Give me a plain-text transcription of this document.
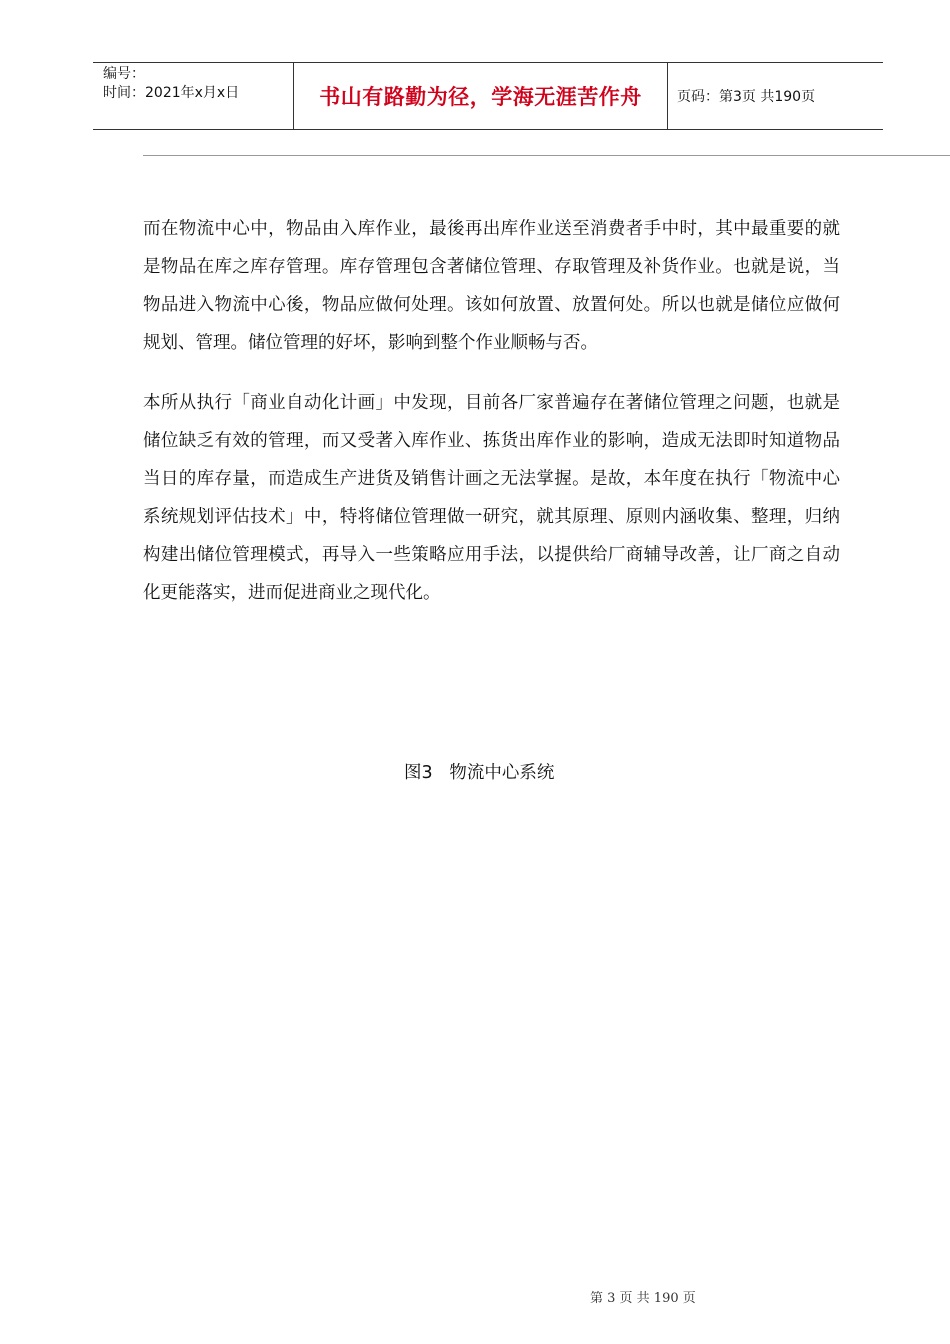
编号：
时间：2021年x月x日	书山有路勤为径，学海无涯苦作舟	页码：第3页 共190页

而在物流中心中，物品由入库作业，最後再出库作业送至消费者手中时，其中最重要的就是物品在库之库存管理。库存管理包含著储位管理、存取管理及补货作业。也就是说，当物品进入物流中心後，物品应做何处理。该如何放置、放置何处。所以也就是储位应做何规划、管理。储位管理的好坏，影响到整个作业顺畅与否。

本所从执行「商业自动化计画」中发现，目前各厂家普遍存在著储位管理之问题，也就是储位缺乏有效的管理，而又受著入库作业、拣货出库作业的影响，造成无法即时知道物品当日的库存量，而造成生产进货及销售计画之无法掌握。是故，本年度在执行「物流中心系统规划评估技术」中，特将储位管理做一研究，就其原理、原则内涵收集、整理，归纳构建出储位管理模式，再导入一些策略应用手法，以提供给厂商辅导改善，让厂商之自动化更能落实，进而促进商业之现代化。

图3   物流中心系统
第 3 页 共 190 页
